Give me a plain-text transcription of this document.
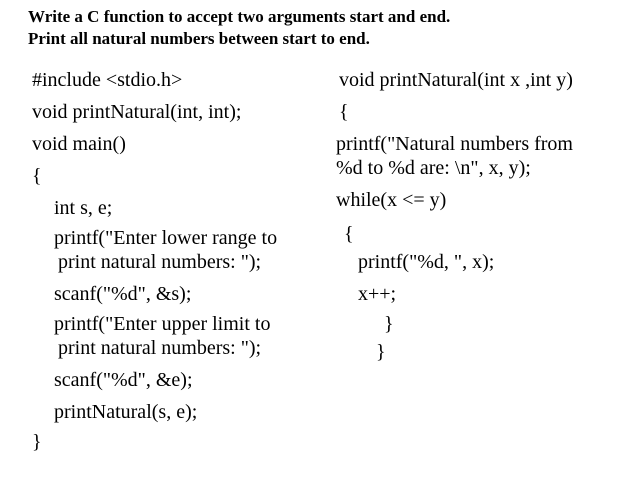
Write a C function to accept two arguments start and end.
Print all natural numbers between start to end.
#include <stdio.h>
void printNatural(int, int);
void main()
{
int s, e;
printf("Enter lower range to
print natural numbers: ");
scanf("%d", &s);
printf("Enter upper limit to
print natural numbers: ");
scanf("%d", &e);
printNatural(s, e);
}
void printNatural(int x ,int y)
{
printf("Natural numbers from
%d to %d are: \n", x, y);
while(x <= y)
{
printf("%d, ", x);
x++;
}
}
